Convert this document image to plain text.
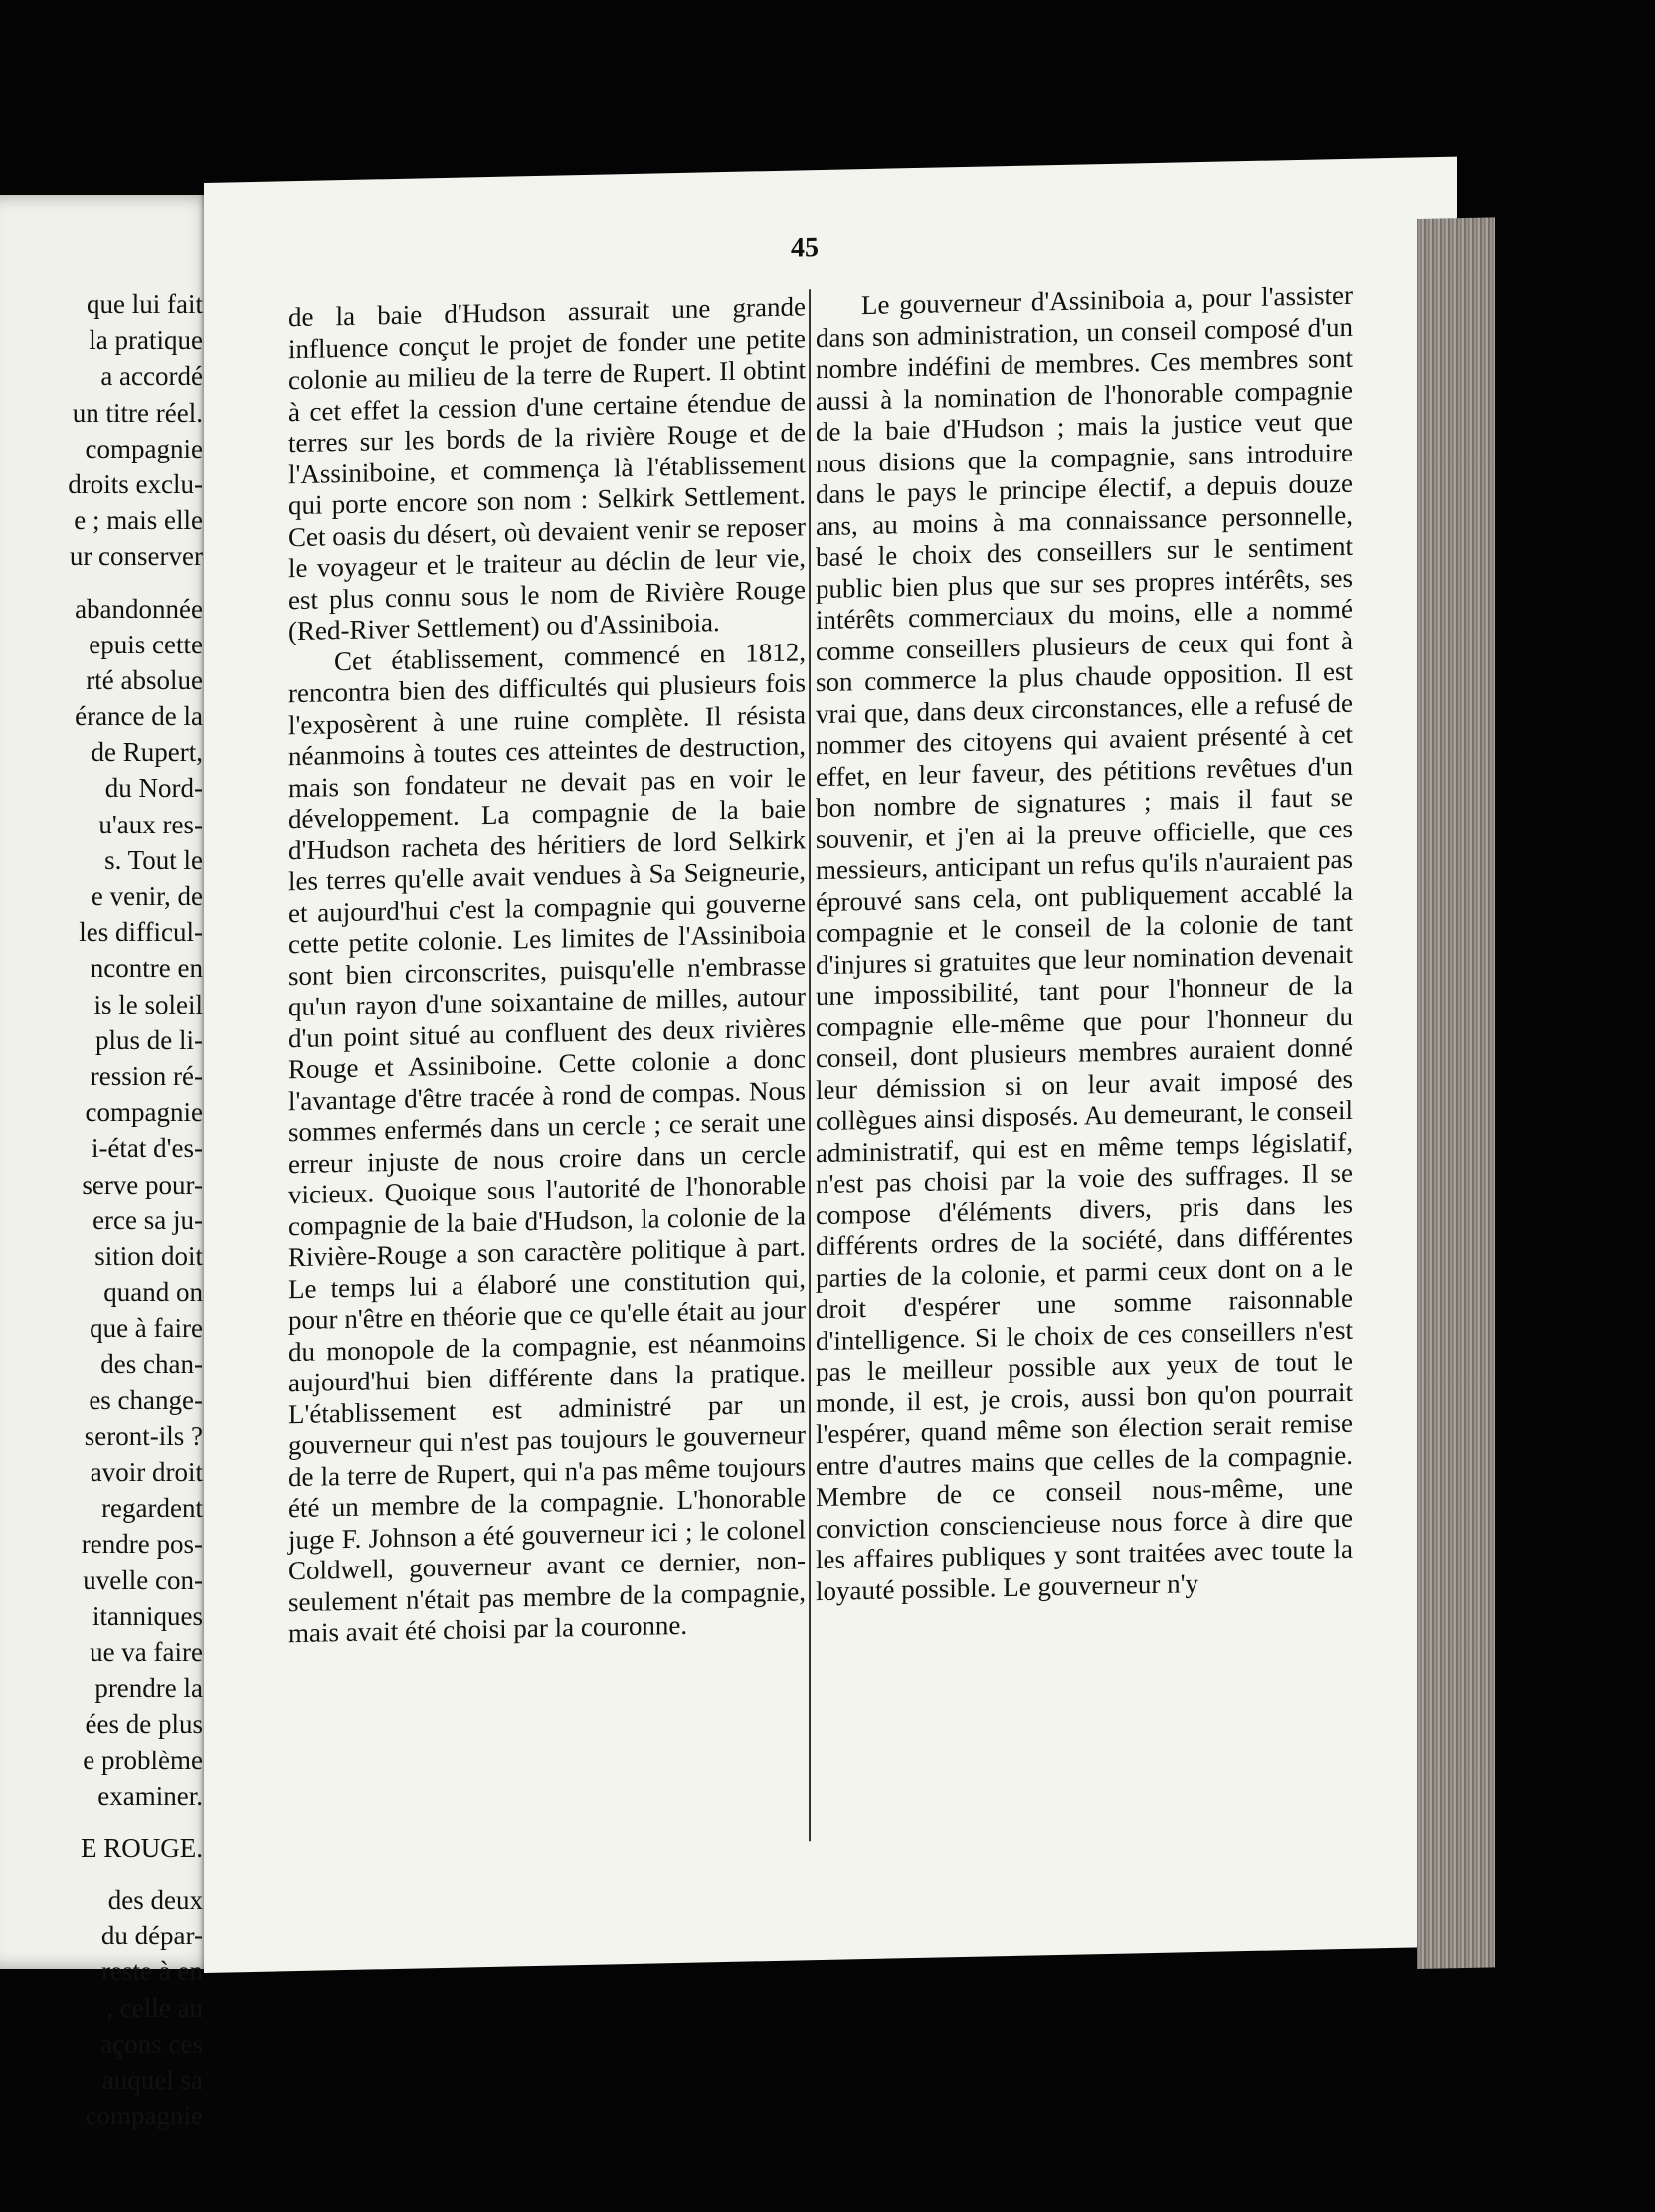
que lui fait
la pratique
a accordé
un titre réel.
compagnie
droits exclu-
e ; mais elle
ur conserver
abandonnée
epuis cette
rté absolue
érance de la
de Rupert,
du Nord-
u'aux res-
s. Tout le
e venir, de
les difficul-
ncontre en
is le soleil
plus de li-
ression ré-
compagnie
i-état d'es-
serve pour-
erce sa ju-
sition doit
quand on
que à faire
des chan-
es change-
seront-ils ?
avoir droit
regardent
rendre pos-
uvelle con-
itanniques
ue va faire
prendre la
ées de plus
e problème
examiner.
E ROUGE.
des deux
du dépar-
reste à en
, celle au
açons ces
auquel sa
compagnie
45

de la baie d'Hudson assurait une grande influence conçut le projet de fonder une petite colonie au milieu de la terre de Rupert. Il obtint à cet effet la cession d'une certaine étendue de terres sur les bords de la rivière Rouge et de l'Assiniboine, et commença là l'établissement qui porte encore son nom : Selkirk Settlement. Cet oasis du désert, où devaient venir se reposer le voyageur et le traiteur au déclin de leur vie, est plus connu sous le nom de Rivière Rouge (Red-River Settlement) ou d'Assiniboia.

Cet établissement, commencé en 1812, rencontra bien des difficultés qui plusieurs fois l'exposèrent à une ruine complète. Il résista néanmoins à toutes ces atteintes de destruction, mais son fondateur ne devait pas en voir le développement. La compagnie de la baie d'Hudson racheta des héritiers de lord Selkirk les terres qu'elle avait vendues à Sa Seigneurie, et aujourd'hui c'est la compagnie qui gouverne cette petite colonie. Les limites de l'Assiniboia sont bien circonscrites, puisqu'elle n'embrasse qu'un rayon d'une soixantaine de milles, autour d'un point situé au confluent des deux rivières Rouge et Assiniboine. Cette colonie a donc l'avantage d'être tracée à rond de compas. Nous sommes enfermés dans un cercle ; ce serait une erreur injuste de nous croire dans un cercle vicieux. Quoique sous l'autorité de l'honorable compagnie de la baie d'Hudson, la colonie de la Rivière-Rouge a son caractère politique à part. Le temps lui a élaboré une constitution qui, pour n'être en théorie que ce qu'elle était au jour du monopole de la compagnie, est néanmoins aujourd'hui bien différente dans la pratique. L'établissement est administré par un gouverneur qui n'est pas toujours le gouverneur de la terre de Rupert, qui n'a pas même toujours été un membre de la compagnie. L'honorable juge F. Johnson a été gouverneur ici ; le colonel Coldwell, gouverneur avant ce dernier, non-seulement n'était pas membre de la compagnie, mais avait été choisi par la couronne.

Le gouverneur d'Assiniboia a, pour l'assister dans son administration, un conseil composé d'un nombre indéfini de membres. Ces membres sont aussi à la nomination de l'honorable compagnie de la baie d'Hudson ; mais la justice veut que nous disions que la compagnie, sans introduire dans le pays le principe électif, a depuis douze ans, au moins à ma connaissance personnelle, basé le choix des conseillers sur le sentiment public bien plus que sur ses propres intérêts, ses intérêts commerciaux du moins, elle a nommé comme conseillers plusieurs de ceux qui font à son commerce la plus chaude opposition. Il est vrai que, dans deux circonstances, elle a refusé de nommer des citoyens qui avaient présenté à cet effet, en leur faveur, des pétitions revêtues d'un bon nombre de signatures ; mais il faut se souvenir, et j'en ai la preuve officielle, que ces messieurs, anticipant un refus qu'ils n'auraient pas éprouvé sans cela, ont publiquement accablé la compagnie et le conseil de la colonie de tant d'injures si gratuites que leur nomination devenait une impossibilité, tant pour l'honneur de la compagnie elle-même que pour l'honneur du conseil, dont plusieurs membres auraient donné leur démission si on leur avait imposé des collègues ainsi disposés. Au demeurant, le conseil administratif, qui est en même temps législatif, n'est pas choisi par la voie des suffrages. Il se compose d'éléments divers, pris dans les différents ordres de la société, dans différentes parties de la colonie, et parmi ceux dont on a le droit d'espérer une somme raisonnable d'intelligence. Si le choix de ces conseillers n'est pas le meilleur possible aux yeux de tout le monde, il est, je crois, aussi bon qu'on pourrait l'espérer, quand même son élection serait remise entre d'autres mains que celles de la compagnie. Membre de ce conseil nous-même, une conviction consciencieuse nous force à dire que les affaires publiques y sont traitées avec toute la loyauté possible. Le gouverneur n'y
